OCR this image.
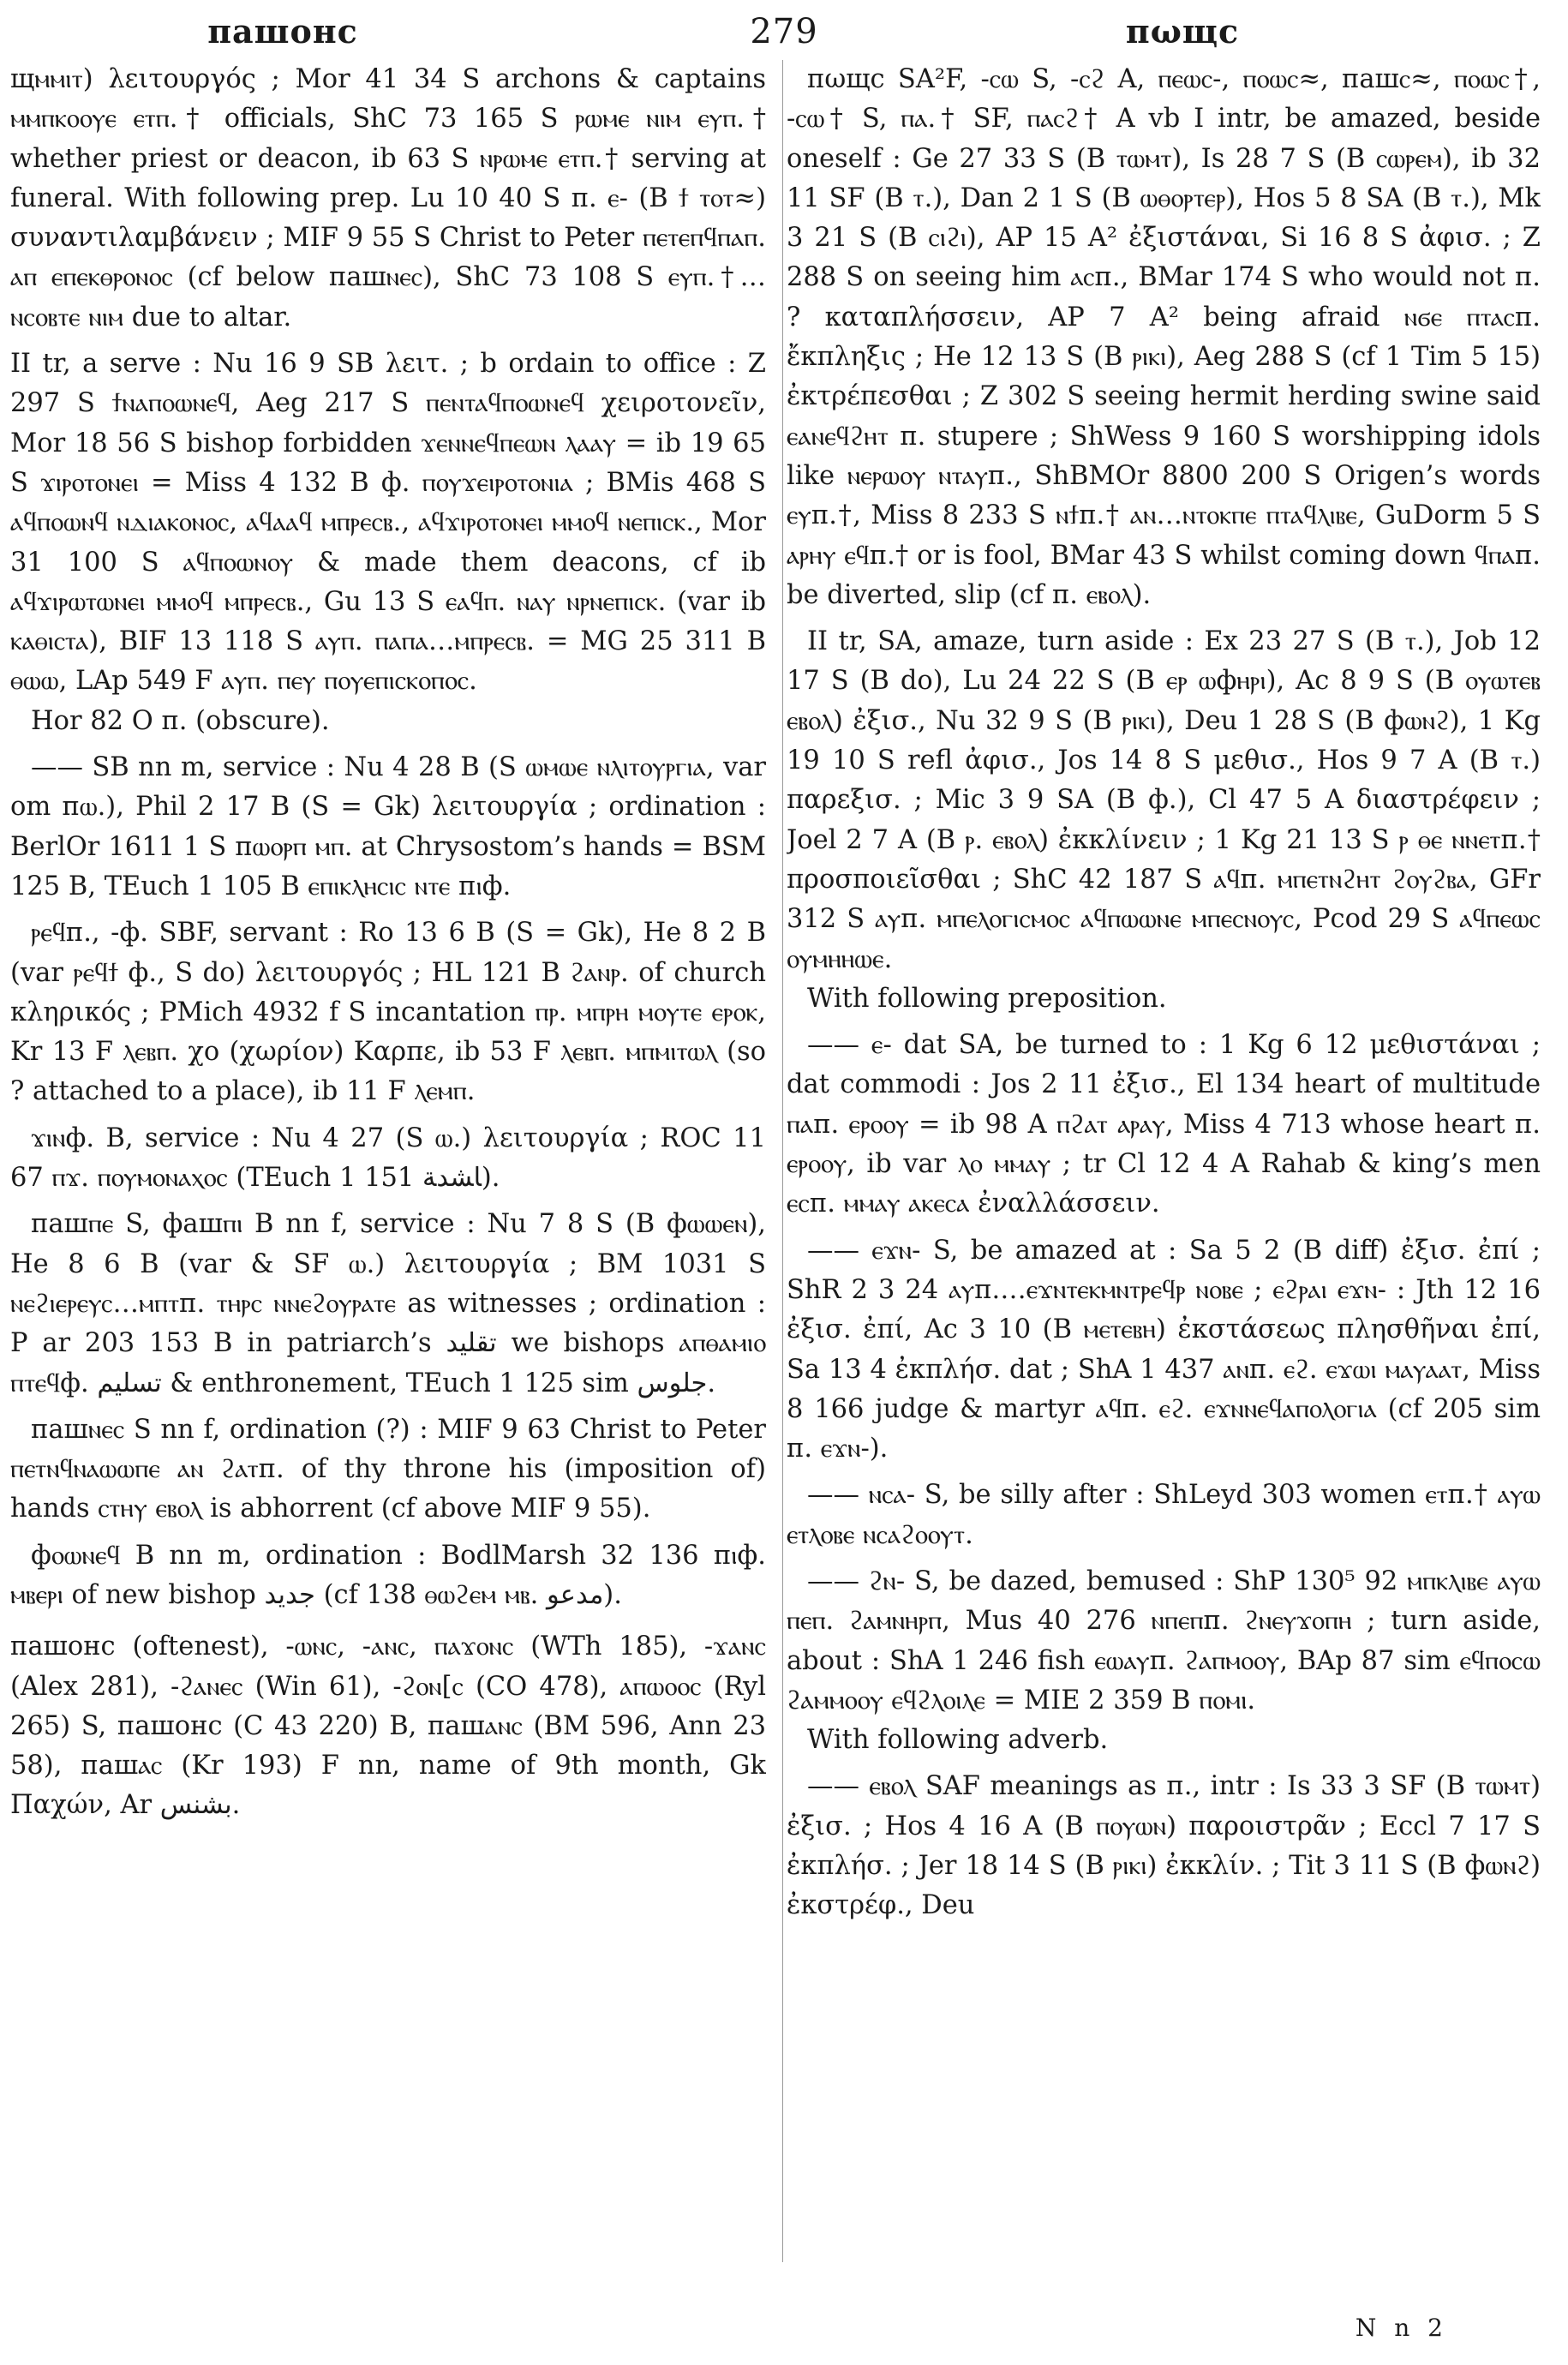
пашонс	279	пωщс

щⲙⲙⲓⲧ) λειτουργός ; Mor 41 34 S archons & captains ⲙⲙⲡⲕⲟⲟⲩⲉ ⲉⲧⲡ.† officials, ShC 73 165 S ⲣⲱⲙⲉ ⲛⲓⲙ ⲉⲩⲡ.† whether priest or deacon, ib 63 S ⲛⲣⲱⲙⲉ ⲉⲧⲡ.† serving at funeral. With following prep. Lu 10 40 S п. ⲉ- (B ϯ ⲧⲟⲧ≈) συναντιλαμβάνειν ; MIF 9 55 S Christ to Peter ⲡⲉⲧⲉⲡϥⲡⲁⲡ. ⲁⲡ ⲉⲡⲉⲕⲑⲣⲟⲛⲟⲥ (cf below пашⲛⲉⲥ), ShC 73 108 S ⲉⲩⲡ.†… ⲛⲥⲟⲃⲧⲉ ⲛⲓⲙ due to altar.

II tr, a serve : Nu 16 9 SB λειτ. ; b ordain to office : Z 297 S ϯⲛⲁⲡⲟⲱⲛⲉϥ, Aeg 217 S ⲡⲉⲛⲧⲁϥⲡⲟⲱⲛⲉϥ χειροτονεῖν, Mor 18 56 S bishop forbidden ϫⲉⲛⲛⲉϥⲡⲉⲱⲛ ⲗⲁⲁⲩ = ib 19 65 S ϫⲓⲣⲟⲧⲟⲛⲉⲓ = Miss 4 132 B ф. ⲡⲟⲩϫⲉⲓⲣⲟⲧⲟⲛⲓⲁ ; BMis 468 S ⲁϥⲡⲟⲱⲛϥ ⲛⲇⲓⲁⲕⲟⲛⲟⲥ, ⲁϥⲁⲁϥ ⲙⲡⲣⲉⲥⲃ., ⲁϥϫⲓⲣⲟⲧⲟⲛⲉⲓ ⲙⲙⲟϥ ⲛⲉⲡⲓⲥⲕ., Mor 31 100 S ⲁϥⲡⲟⲱⲛⲟⲩ & made them deacons, cf ib ⲁϥϫⲓⲣⲱⲧⲱⲛⲉⲓ ⲙⲙⲟϥ ⲙⲡⲣⲉⲥⲃ., Gu 13 S ⲉⲁϥⲡ. ⲛⲁⲩ ⲛⲣⲛⲉⲡⲓⲥⲕ. (var ib ⲕⲁⲑⲓⲥⲧⲁ), BIF 13 118 S ⲁⲩⲡ. ⲡⲁⲡⲁ…ⲙⲡⲣⲉⲥⲃ. = MG 25 311 B ⲑⲱⲱ, LAp 549 F ⲁⲩⲡ. ⲡⲉⲩ ⲡⲟⲩⲉⲡⲓⲥⲕⲟⲡⲟⲥ.

Hor 82 O п. (obscure).

—— SB nn m, service : Nu 4 28 B (S ⲱⲙⲱⲉ ⲛⲗⲓⲧⲟⲩⲣⲅⲓⲁ, var om пⲱ.), Phil 2 17 B (S = Gk) λειτουργία ; ordination : BerlOr 1611 1 S пⲱⲟⲣⲡ ⲙⲡ. at Chrysostom’s hands = BSM 125 B, TEuch 1 105 B ⲉⲡⲓⲕⲗⲏⲥⲓⲥ ⲛⲧⲉ пⲓф.

ⲣⲉϥп., -ф. SBF, servant : Ro 13 6 B (S = Gk), He 8 2 B (var ⲣⲉϥϯ ф., S do) λειτουργός ; HL 121 B ϩⲁⲛⲣ. of church κληρικός ; PMich 4932 f S incantation ⲡⲣ. ⲙⲡⲣⲏ ⲙⲟⲩⲧⲉ ⲉⲣⲟⲕ, Kr 13 F ⲗⲉⲃⲡ. χο (χωρίον) Καρπε, ib 53 F ⲗⲉⲃⲡ. ⲙⲡⲙⲓⲧⲱⲗ (so ? attached to a place), ib 11 F ⲗⲉⲙⲡ.

ϫⲓⲛф. B, service : Nu 4 27 (S ⲱ.) λειτουργία ; ROC 11 67 ⲡϫ. ⲡⲟⲩⲙⲟⲛⲁⲭⲟⲥ (TEuch 1 151 ﺎﺸﺪﺔ).

пашⲡⲉ S, фашⲡⲓ B nn f, service : Nu 7 8 S (B фⲱⲱⲉⲛ), He 8 6 B (var & SF ⲱ.) λειτουργία ; BM 1031 S ⲛⲉϩⲓⲉⲣⲉⲩⲥ…ⲙⲡⲧп. ⲧⲏⲣⲥ ⲛⲛⲉϩⲟⲩⲣⲁⲧⲉ as witnesses ; ordination : P ar 203 153 B in patriarch’s تقليد we bishops ⲁⲡⲑⲁⲙⲓⲟ ⲡⲧⲉϥф. تسليم & enthronement, TEuch 1 125 sim جلوس.

пашⲛⲉⲥ S nn f, ordination (?) : MIF 9 63 Christ to Peter ⲡⲉⲧⲛϥⲛⲁⲱⲱⲡⲉ ⲁⲛ ϩⲁⲧп. of thy throne his (imposition of) hands ⲥⲧⲏⲩ ⲉⲃⲟⲗ is abhorrent (cf above MIF 9 55).

фⲟⲱⲛⲉϥ B nn m, ordination : BodlMarsh 32 136 пⲓф. ⲙⲃⲉⲣⲓ of new bishop جديد (cf 138 ⲑⲱϩⲉⲙ ⲙⲃ. مدعو).

пашонс (oftenest), -ⲱⲛⲥ, -ⲁⲛⲥ, ⲡⲁϫⲟⲛⲥ (WTh 185), -ϫⲁⲛⲥ (Alex 281), -ϩⲁⲛⲉⲥ (Win 61), -ϩⲟⲛ[ⲥ (CO 478), ⲁⲡⲱⲟⲟⲥ (Ryl 265) S, пашонс (C 43 220) B, пашⲁⲛⲥ (BM 596, Ann 23 58), пашⲁⲥ (Kr 193) F nn, name of 9th month, Gk Παχών, Ar بشنس.

пωщс SA²F, -ⲥⲱ S, -ⲥϩ A, ⲡⲉⲱⲥ-, ⲡⲟⲱⲥ≈, пашⲥ≈, ⲡⲟⲱⲥ†, -ⲥⲱ† S, ⲡⲁ.† SF, ⲡⲁⲥϩ† A vb I intr, be amazed, beside oneself : Ge 27 33 S (B ⲧⲱⲙⲧ), Is 28 7 S (B ⲥⲱⲣⲉⲙ), ib 32 11 SF (B ⲧ.), Dan 2 1 S (B ⲱⲑⲟⲣⲧⲉⲣ), Hos 5 8 SA (B ⲧ.), Mk 3 21 S (B ⲥⲓϩⲓ), AP 15 A² ἐξιστάναι, Si 16 8 S ἀφισ. ; Z 288 S on seeing him ⲁⲥп., BMar 174 S who would not п. ? καταπλήσσειν, AP 7 A² being afraid ⲛϭⲉ ⲡⲧⲁⲥп. ἔκπληξις ; He 12 13 S (B ⲣⲓⲕⲓ), Aeg 288 S (cf 1 Tim 5 15) ἐκτρέπεσθαι ; Z 302 S seeing hermit herding swine said ⲉⲁⲛⲉϥϩⲏⲧ п. stupere ; ShWess 9 160 S worshipping idols like ⲛⲉⲣⲱⲟⲩ ⲛⲧⲁⲩп., ShBMOr 8800 200 S Origen’s words ⲉⲩп.†, Miss 8 233 S ⲛϯп.† ⲁⲛ…ⲛⲧⲟⲕⲡⲉ ⲡⲧⲁϥⲗⲓⲃⲉ, GuDorm 5 S ⲁⲣⲏⲩ ⲉϥп.† or is fool, BMar 43 S whilst coming down ϥⲡⲁп. be diverted, slip (cf п. ⲉⲃⲟⲗ).

II tr, SA, amaze, turn aside : Ex 23 27 S (B ⲧ.), Job 12 17 S (B do), Lu 24 22 S (B ⲉⲣ ⲱфⲏⲣⲓ), Ac 8 9 S (B ⲟⲩⲱⲧⲉⲃ ⲉⲃⲟⲗ) ἐξισ., Nu 32 9 S (B ⲣⲓⲕⲓ), Deu 1 28 S (B фⲱⲛϩ), 1 Kg 19 10 S refl ἀφισ., Jos 14 8 S μεθισ., Hos 9 7 A (B ⲧ.) παρεξισ. ; Mic 3 9 SA (B ф.), Cl 47 5 A διαστρέφειν ; Joel 2 7 A (B ⲣ. ⲉⲃⲟⲗ) ἐκκλίνειν ; 1 Kg 21 13 S ⲣ ⲑⲉ ⲛⲛⲉⲧп.† προσποιεῖσθαι ; ShC 42 187 S ⲁϥп. ⲙⲡⲉⲧⲛϩⲏⲧ ϩⲟⲩϩⲃⲁ, GFr 312 S ⲁⲩп. ⲙⲡⲉⲗⲟⲅⲓⲥⲙⲟⲥ ⲁϥⲡⲱⲱⲛⲉ ⲙⲡⲉⲥⲛⲟⲩⲥ, Pcod 29 S ⲁϥⲡⲉⲱⲥ ⲟⲩⲙⲏⲏⲱⲉ.

With following preposition.

—— ⲉ- dat SA, be turned to : 1 Kg 6 12 μεθιστάναι ; dat commodi : Jos 2 11 ἐξισ., El 134 heart of multitude ⲡⲁп. ⲉⲣⲟⲟⲩ = ib 98 A ⲡϩⲁⲧ ⲁⲣⲁⲩ, Miss 4 713 whose heart п. ⲉⲣⲟⲟⲩ, ib var ⲗⲟ ⲙⲙⲁⲩ ; tr Cl 12 4 A Rahab & king’s men ⲉⲥп. ⲙⲙⲁⲩ ⲁⲕⲉⲥⲁ ἐναλλάσσειν.

—— ⲉϫⲛ- S, be amazed at : Sa 5 2 (B diff) ἐξισ. ἐπί ; ShR 2 3 24 ⲁⲩп.…ⲉϫⲛⲧⲉⲕⲙⲛⲧⲣⲉϥⲣ ⲛⲟⲃⲉ ; ⲉϩⲣⲁⲓ ⲉϫⲛ- : Jth 12 16 ἐξισ. ἐπί, Ac 3 10 (B ⲙⲉⲧⲉⲃⲏ) ἐκστάσεως πλησθῆναι ἐπί, Sa 13 4 ἐκπλήσ. dat ; ShA 1 437 ⲁⲛп. ⲉϩ. ⲉϫⲱⲓ ⲙⲁⲩⲁⲁⲧ, Miss 8 166 judge & martyr ⲁϥп. ⲉϩ. ⲉϫⲛⲛⲉϥⲁⲡⲟⲗⲟⲅⲓⲁ (cf 205 sim п. ⲉϫⲛ-).

—— ⲛⲥⲁ- S, be silly after : ShLeyd 303 women ⲉⲧп.† ⲁⲩⲱ ⲉⲧⲗⲟⲃⲉ ⲛⲥⲁϩⲟⲟⲩⲧ.

—— ϩⲛ- S, be dazed, bemused : ShP 130⁵ 92 ⲙⲡⲕⲗⲓⲃⲉ ⲁⲩⲱ ⲡⲉⲡ. ϩⲁⲙⲛⲏⲣⲡ, Mus 40 276 ⲛⲡⲉⲡп. ϩⲛⲉⲩϫⲟⲡⲏ ; turn aside, about : ShA 1 246 fish ⲉⲱⲁⲩп. ϩⲁⲡⲙⲟⲟⲩ, BAp 87 sim ⲉϥⲡⲟⲥⲱ ϩⲁⲙⲙⲟⲟⲩ ⲉϥϩⲗⲟⲓⲗⲉ = MIE 2 359 B ⲡⲟⲙⲓ.

With following adverb.

—— ⲉⲃⲟⲗ SAF meanings as п., intr : Is 33 3 SF (B ⲧⲱⲙⲧ) ἐξισ. ; Hos 4 16 A (B ⲡⲟⲩⲱⲛ) παροιστρᾶν ; Eccl 7 17 S ἐκπλήσ. ; Jer 18 14 S (B ⲣⲓⲕⲓ) ἐκκλίν. ; Tit 3 11 S (B фⲱⲛϩ) ἐκστρέφ., Deu

N n 2
